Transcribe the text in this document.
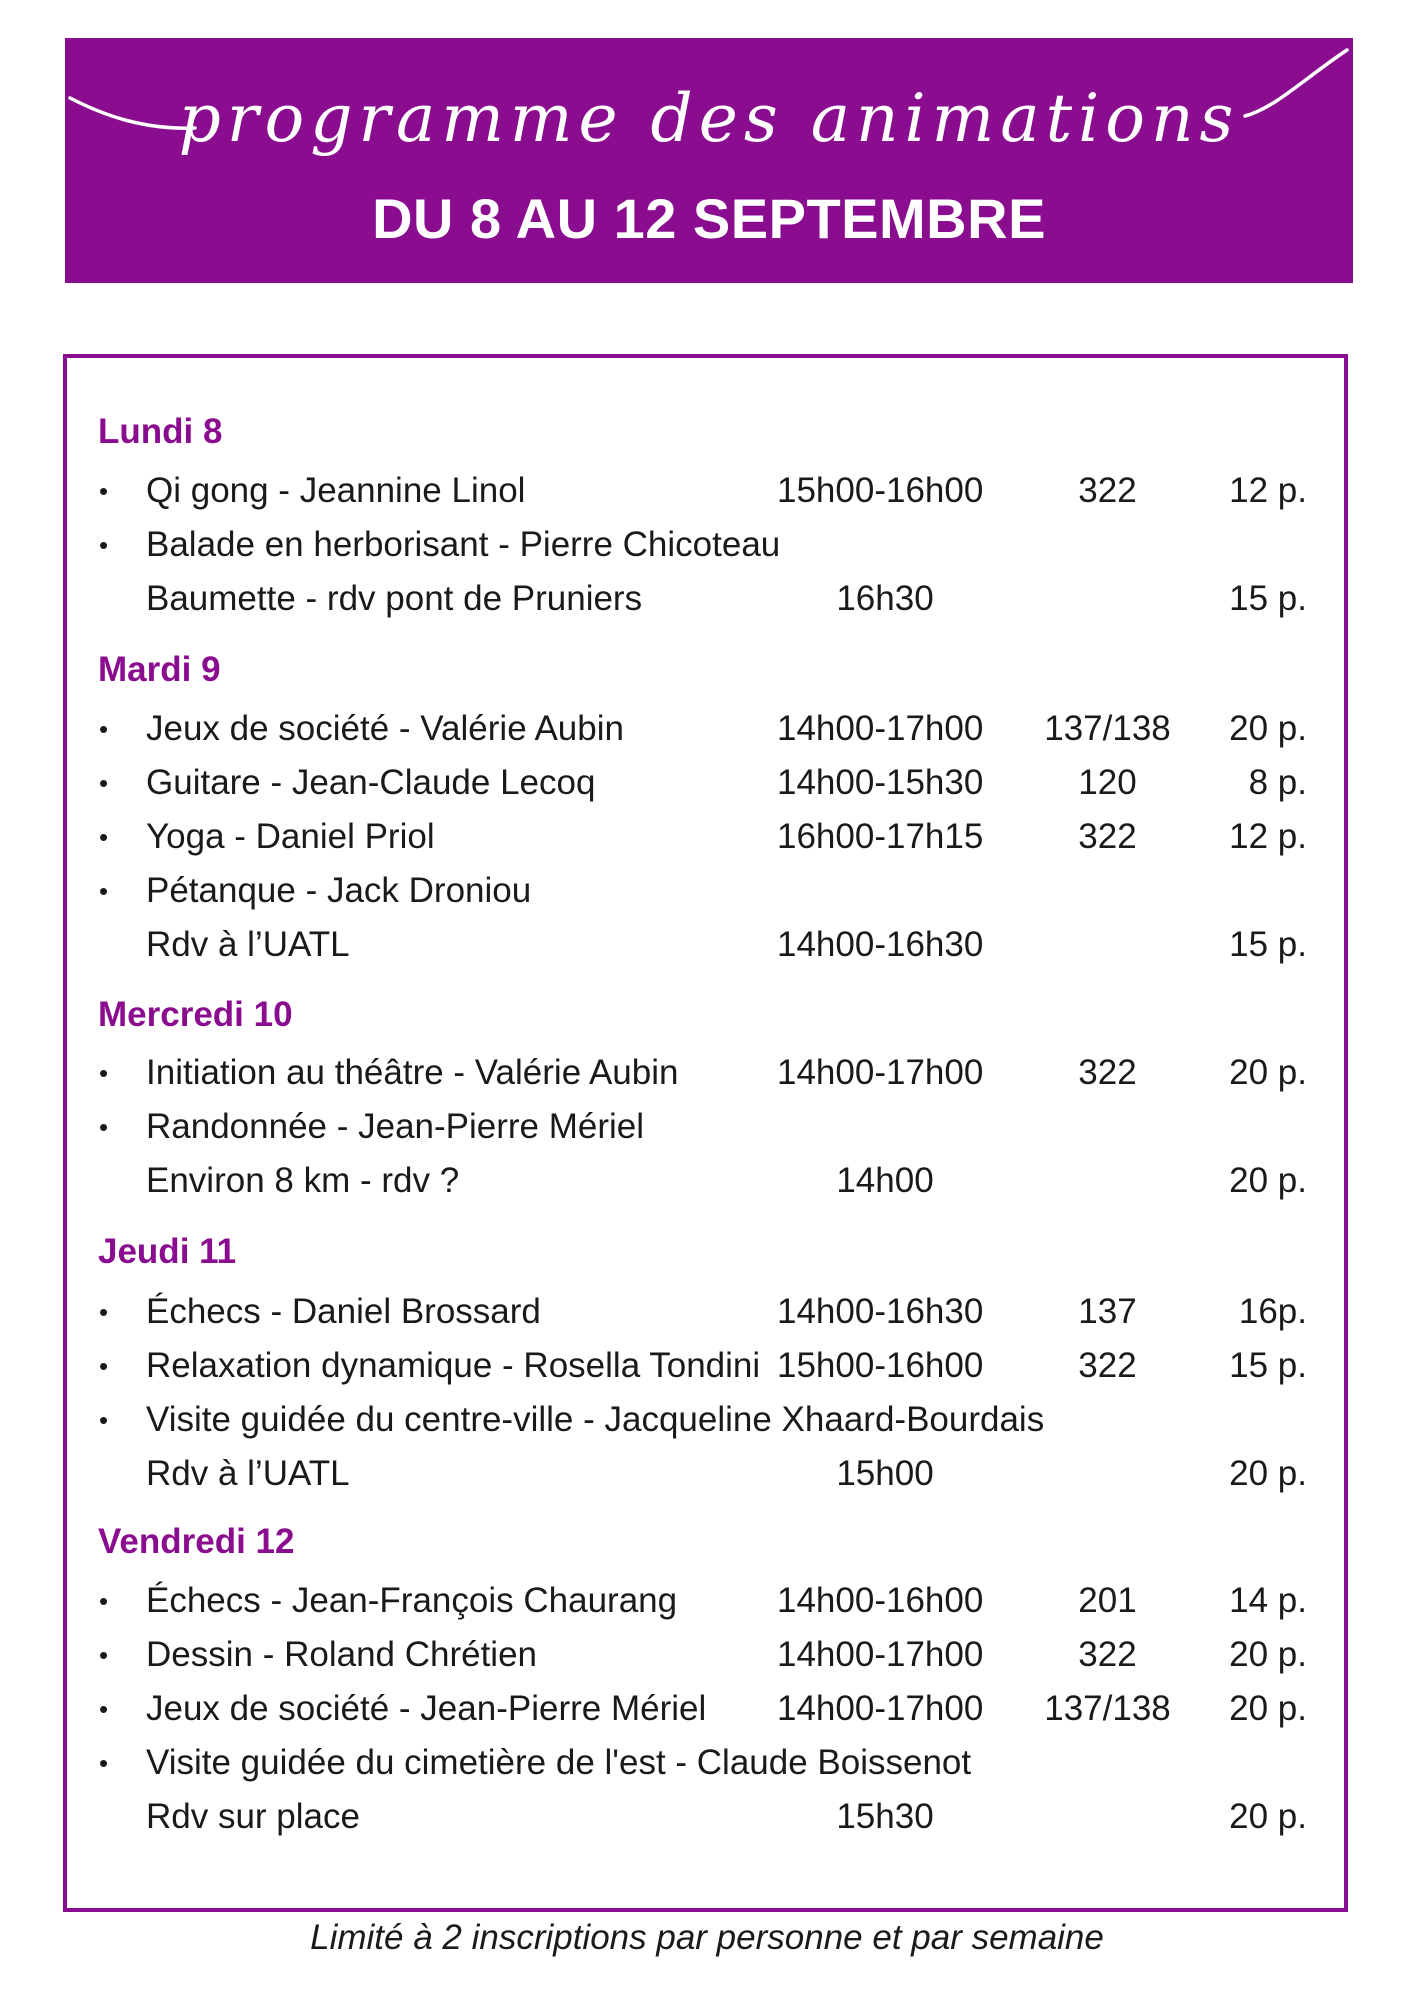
programme des animations
DU 8 AU 12 SEPTEMBRE
Lundi 8
• Qi gong - Jeannine Linol	15h00-16h00	322	12 p.
• Balade en herborisant - Pierre Chicoteau
Baumette - rdv pont de Pruniers	16h30	15 p.
Mardi 9
• Jeux de société - Valérie Aubin	14h00-17h00 137/138	20 p.
• Guitare - Jean-Claude Lecoq	14h00-15h30	120	8 p.
• Yoga - Daniel Priol	16h00-17h15	322	12 p.
• Pétanque - Jack Droniou
Rdv à l’UATL	14h00-16h30	15 p.
Mercredi 10
• Initiation au théâtre - Valérie Aubin	14h00-17h00	322	20 p.
• Randonnée - Jean-Pierre Mériel
Environ 8 km - rdv ?	14h00	20 p.
Jeudi 11
• Échecs - Daniel Brossard	14h00-16h30	137	16p.
• Relaxation dynamique - Rosella Tondini 15h00-16h00	322	15 p.
• Visite guidée du centre-ville - Jacqueline Xhaard-Bourdais
Rdv à l’UATL	15h00	20 p.
Vendredi 12
• Échecs - Jean-François Chaurang	14h00-16h00	201	14 p.
• Dessin - Roland Chrétien	14h00-17h00	322	20 p.
• Jeux de société - Jean-Pierre Mériel 14h00-17h00 137/138	20 p.
• Visite guidée du cimetière de l'est - Claude Boissenot
Rdv sur place	15h30	20 p.
Limité à 2 inscriptions par personne et par semaine
